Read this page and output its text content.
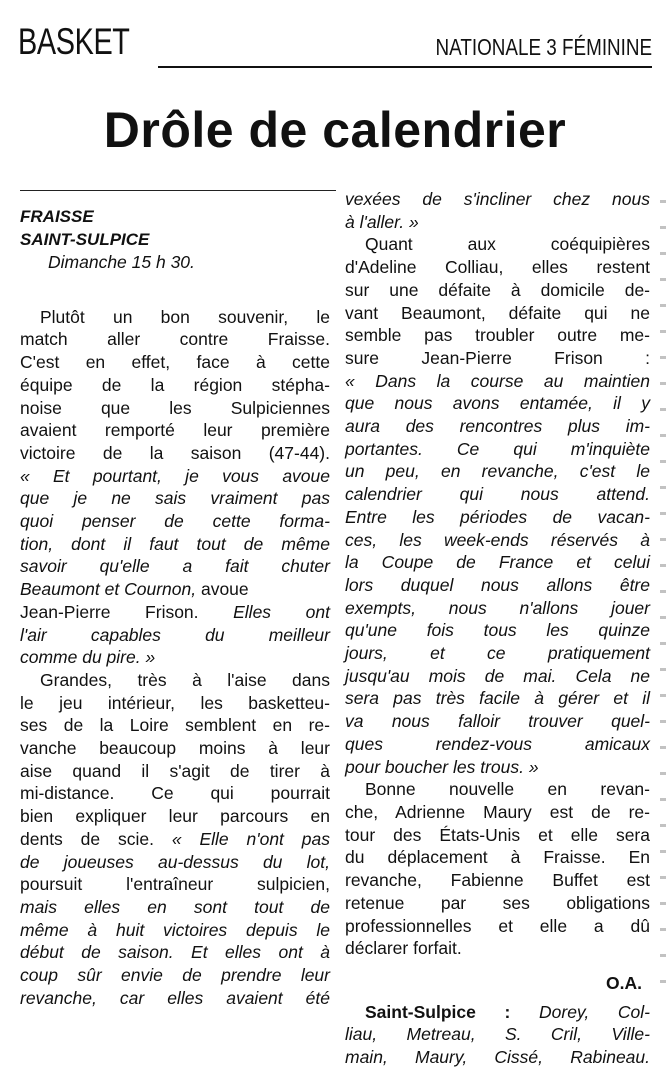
BASKET	NATIONALE 3 FÉMININE
Drôle de calendrier
FRAISSE
SAINT-SULPICE
Dimanche 15 h 30.
Plutôt un bon souvenir, le
match aller contre Fraisse.
C'est en effet, face à cette
équipe de la région stépha-
noise que les Sulpiciennes
avaient remporté leur première
victoire de la saison (47-44).
« Et pourtant, je vous avoue
que je ne sais vraiment pas
quoi penser de cette forma-
tion, dont il faut tout de même
savoir qu'elle a fait chuter
Beaumont et Cournon, avoue
Jean-Pierre Frison. Elles ont
l'air capables du meilleur
comme du pire. »
Grandes, très à l'aise dans
le jeu intérieur, les basketteu-
ses de la Loire semblent en re-
vanche beaucoup moins à leur
aise quand il s'agit de tirer à
mi-distance. Ce qui pourrait
bien expliquer leur parcours en
dents de scie. « Elle n'ont pas
de joueuses au-dessus du lot,
poursuit l'entraîneur sulpicien,
mais elles en sont tout de
même à huit victoires depuis le
début de saison. Et elles ont à
coup sûr envie de prendre leur
revanche, car elles avaient été
vexées de s'incliner chez nous
à l'aller. »
Quant aux coéquipières
d'Adeline Colliau, elles restent
sur une défaite à domicile de-
vant Beaumont, défaite qui ne
semble pas troubler outre me-
sure Jean-Pierre Frison :
« Dans la course au maintien
que nous avons entamée, il y
aura des rencontres plus im-
portantes. Ce qui m'inquiète
un peu, en revanche, c'est le
calendrier qui nous attend.
Entre les périodes de vacan-
ces, les week-ends réservés à
la Coupe de France et celui
lors duquel nous allons être
exempts, nous n'allons jouer
qu'une fois tous les quinze
jours, et ce pratiquement
jusqu'au mois de mai. Cela ne
sera pas très facile à gérer et il
va nous falloir trouver quel-
ques rendez-vous amicaux
pour boucher les trous. »
Bonne nouvelle en revan-
che, Adrienne Maury est de re-
tour des États-Unis et elle sera
du déplacement à Fraisse. En
revanche, Fabienne Buffet est
retenue par ses obligations
professionnelles et elle a dû
déclarer forfait.
O.A.
Saint-Sulpice : Dorey, Col-
liau, Metreau, S. Cril, Ville-
main, Maury, Cissé, Rabineau.
